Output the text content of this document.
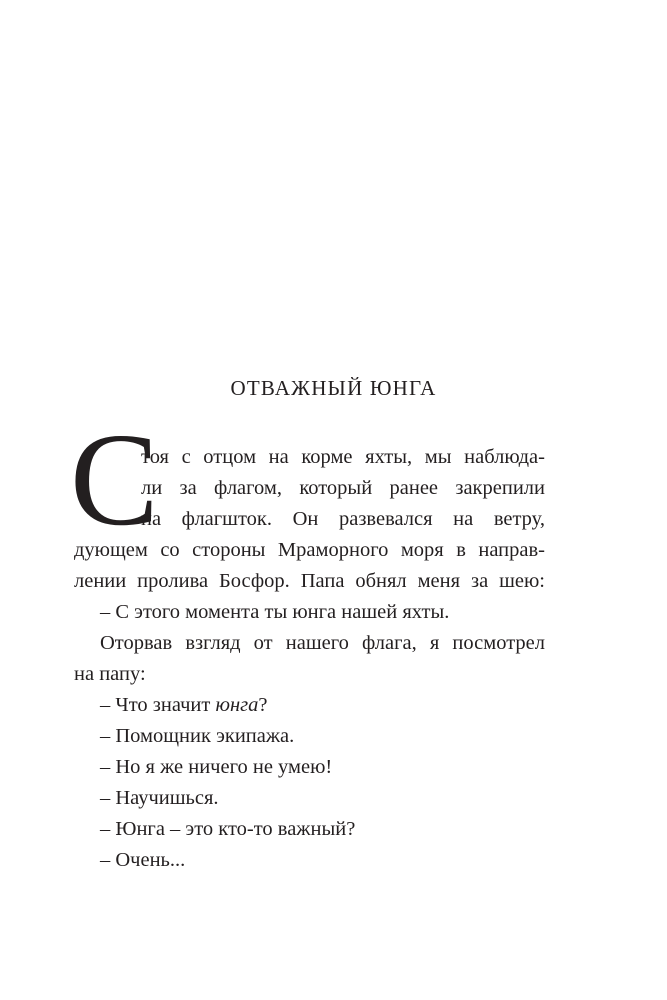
ОТВАЖНЫЙ ЮНГА
С
тоя с отцом на корме яхты, мы наблюда-
ли за флагом, который ранее закрепили
на флагшток. Он развевался на ветру,
дующем со стороны Мраморного моря в направ-
лении пролива Босфор. Папа обнял меня за шею:
– С этого момента ты юнга нашей яхты.
Оторвав взгляд от нашего флага, я посмотрел
на папу:
– Что значит юнга?
– Помощник экипажа.
– Но я же ничего не умею!
– Научишься.
– Юнга – это кто-то важный?
– Очень...
